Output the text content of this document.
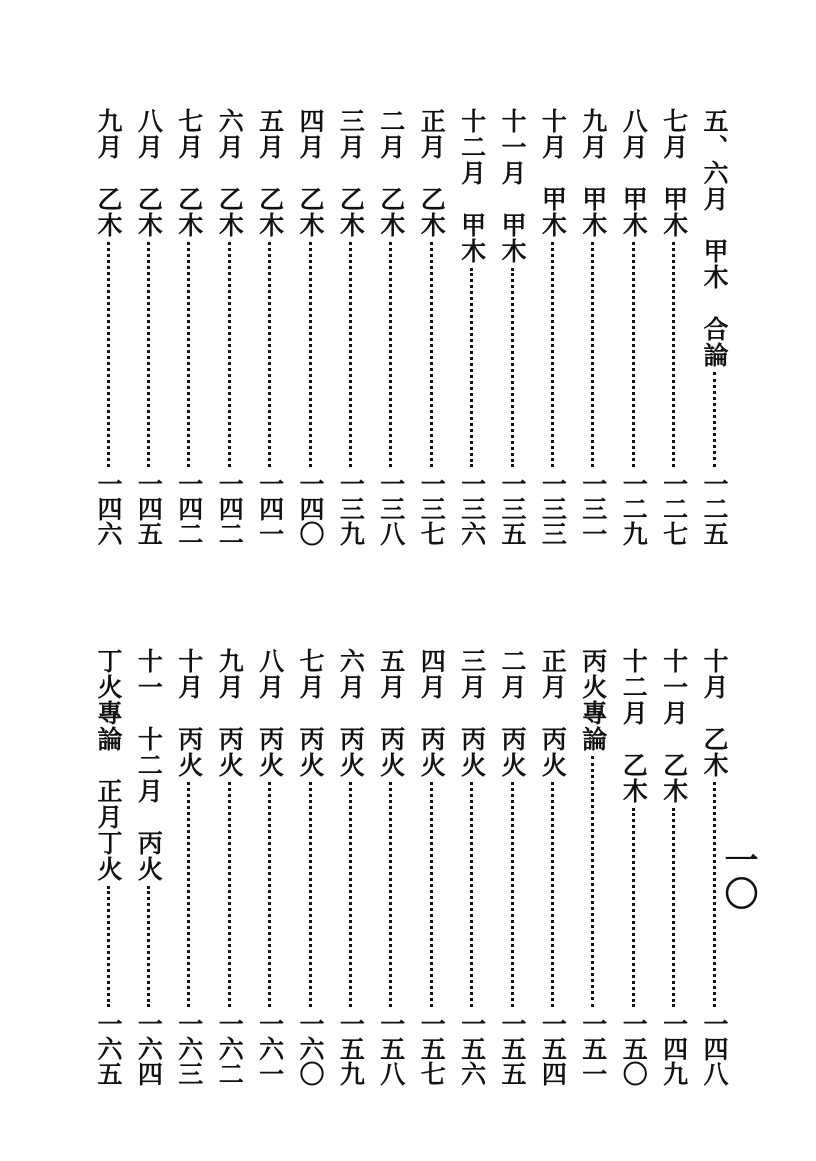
五、六月　甲木　合論
一二五
七月　甲木
一二七
八月　甲木
一二九
九月　甲木
一三一
十月　甲木
一三三
十一月　甲木
一三五
十二月　甲木
一三六
正月　乙木
一三七
二月　乙木
一三八
三月　乙木
一三九
四月　乙木
一四〇
五月　乙木
一四一
六月　乙木
一四二
七月　乙木
一四二
八月　乙木
一四五
九月　乙木
一四六
十月　乙木
一四八
十一月　乙木
一四九
十二月　乙木
一五〇
丙火專論
一五一
正月　丙火
一五四
二月　丙火
一五五
三月　丙火
一五六
四月　丙火
一五七
五月　丙火
一五八
六月　丙火
一五九
七月　丙火
一六〇
八月　丙火
一六一
九月　丙火
一六二
十月　丙火
一六三
十一　十二月　丙火
一六四
丁火專論　正月丁火
一六五
一〇
